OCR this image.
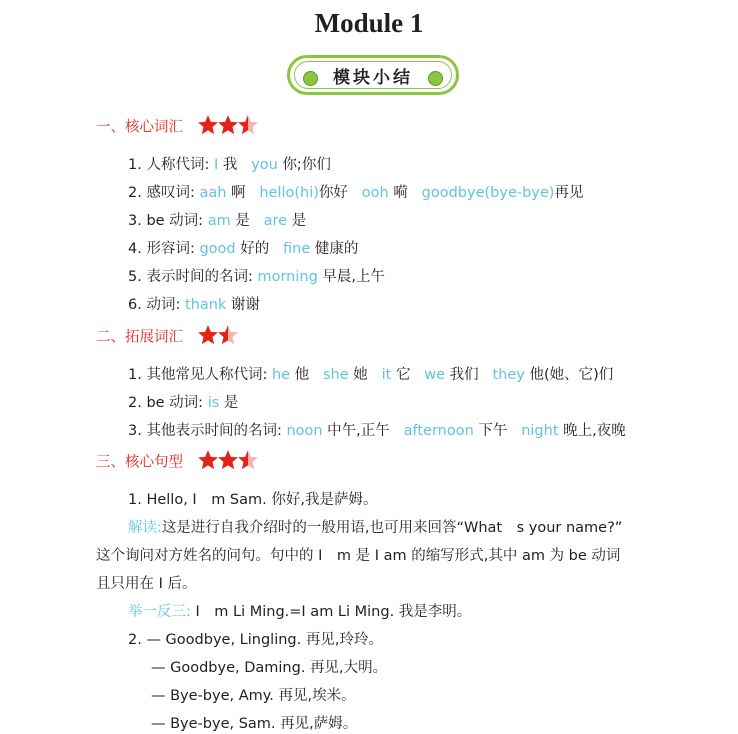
Module 1
模块小结
一、核心词汇
1. 人称代词: I 我 you 你;你们
2. 感叹词: aah 啊 hello(hi)你好 ooh 嗬 goodbye(bye-bye)再见
3. be 动词: am 是 are 是
4. 形容词: good 好的 fine 健康的
5. 表示时间的名词: morning 早晨,上午
6. 动词: thank 谢谢
二、拓展词汇
1. 其他常见人称代词: he 他 she 她 it 它 we 我们 they 他(她、它)们
2. be 动词: is 是
3. 其他表示时间的名词: noon 中午,正午 afternoon 下午 night 晚上,夜晚
三、核心句型
1. Hello, I　m Sam. 你好,我是萨姆。
解读:这是进行自我介绍时的一般用语,也可用来回答“What　s your name?”
这个询问对方姓名的问句。句中的 I　m 是 I am 的缩写形式,其中 am 为 be 动词
且只用在 I 后。
举一反三: I　m Li Ming.=I am Li Ming. 我是李明。
2. — Goodbye, Lingling. 再见,玲玲。
— Goodbye, Daming. 再见,大明。
— Bye-bye, Amy. 再见,埃米。
— Bye-bye, Sam. 再见,萨姆。
